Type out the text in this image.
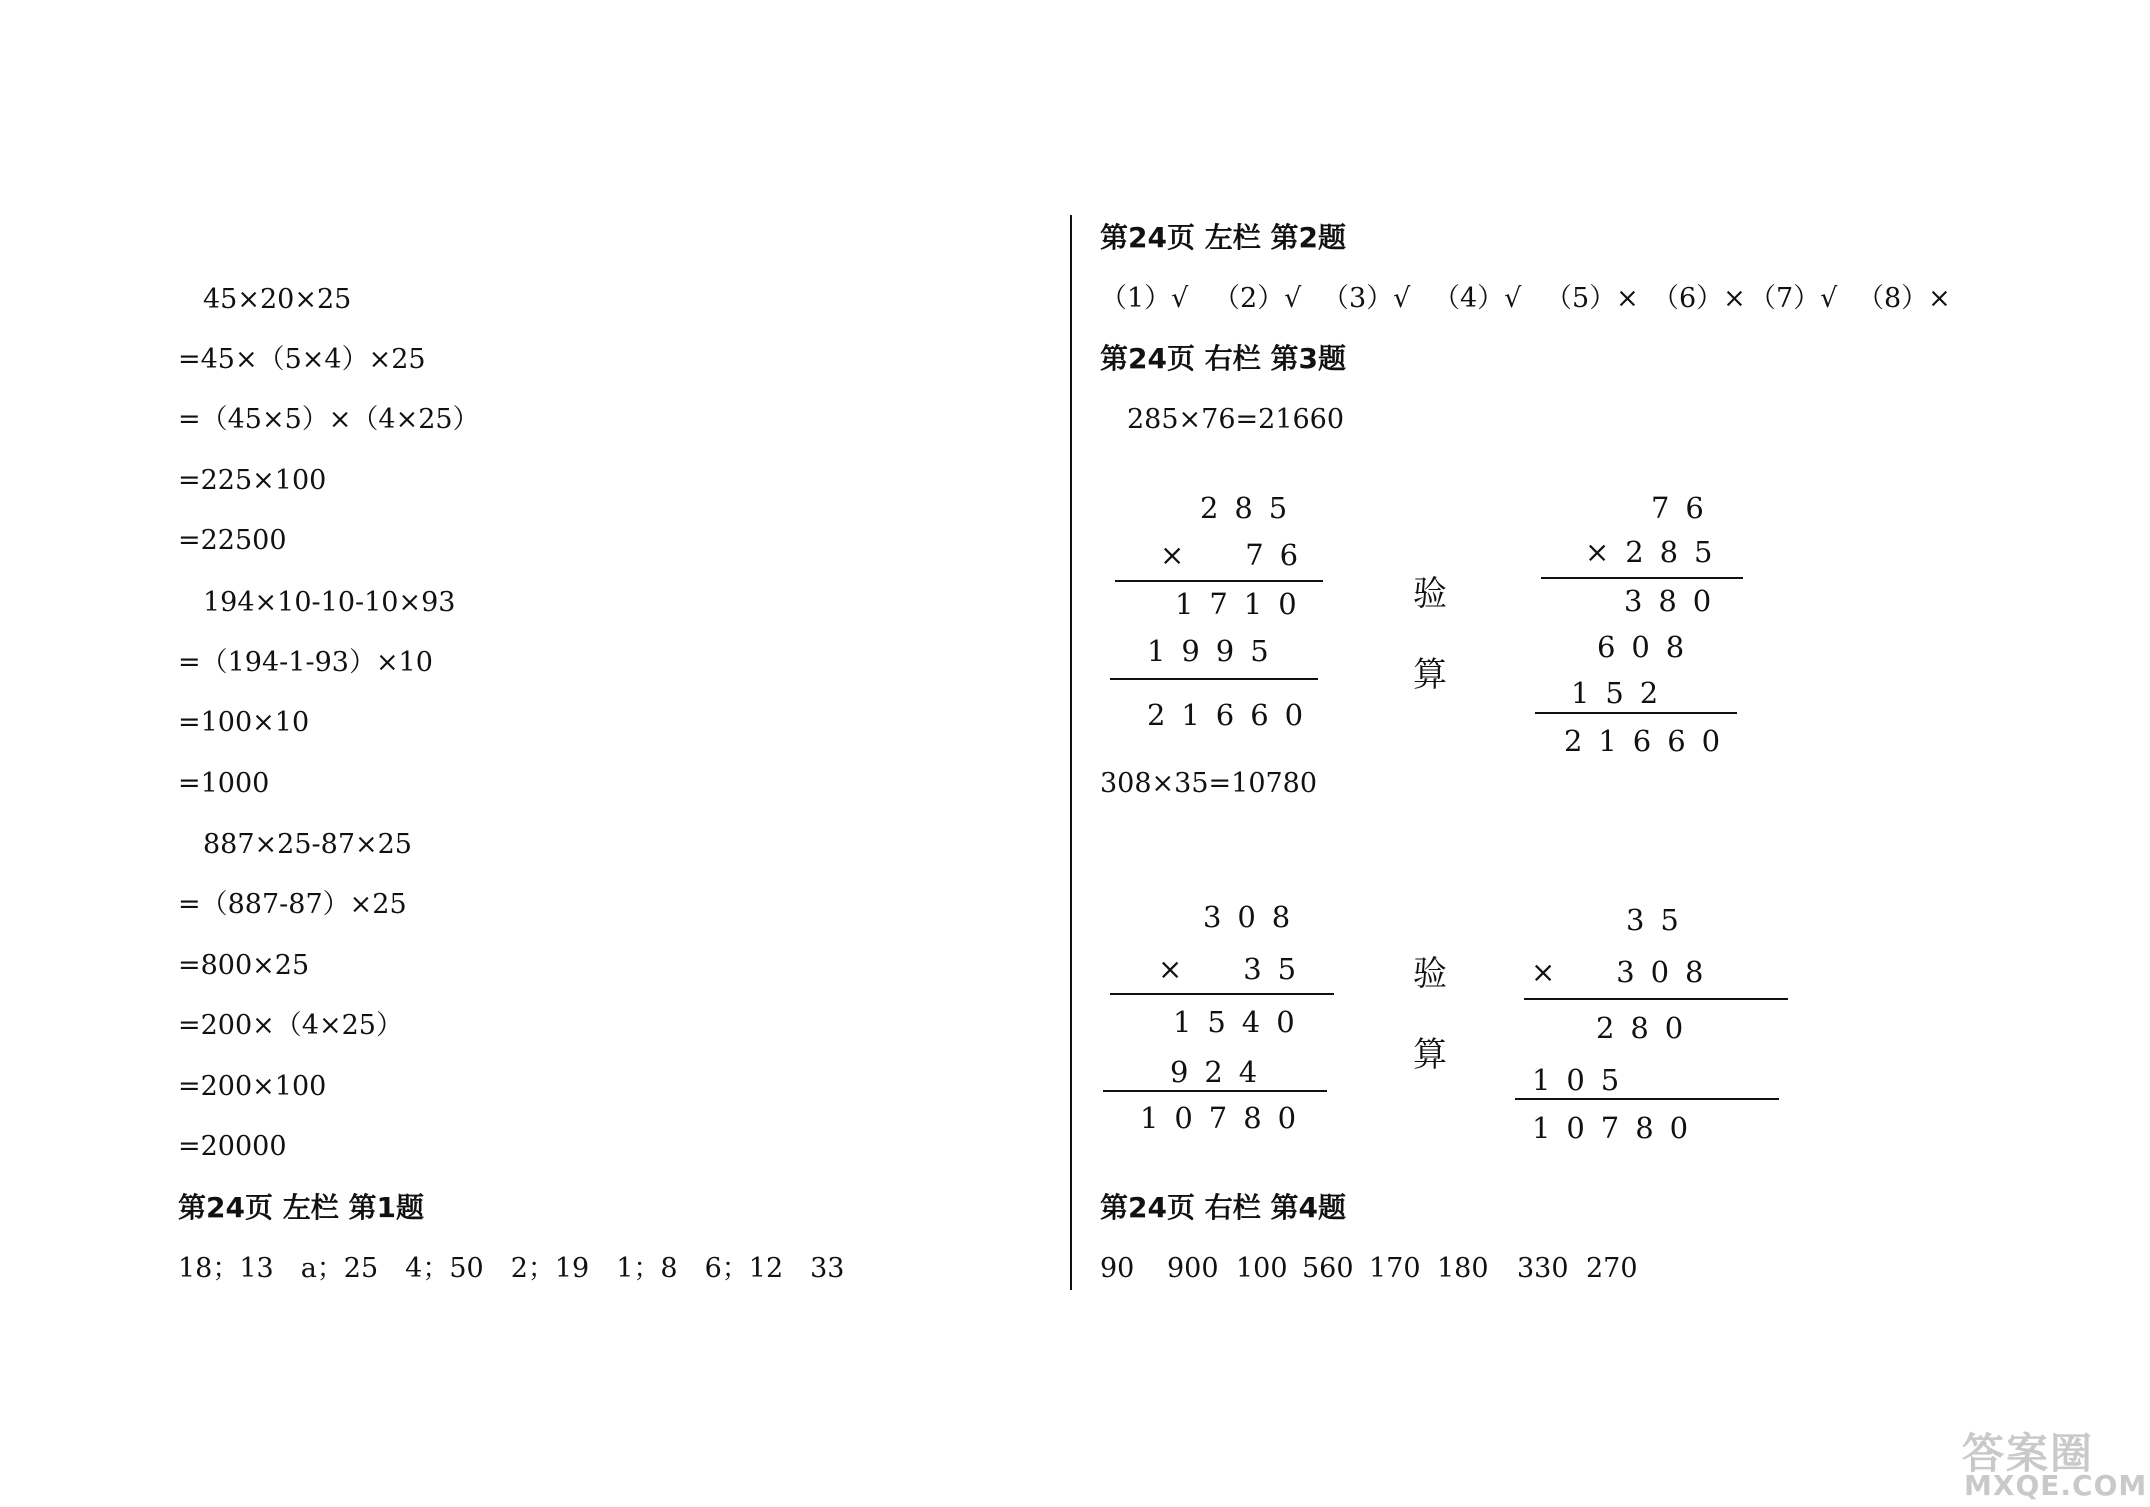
45×20×25
=45×（5×4）×25
=（45×5）×（4×25）
=225×100
=22500
194×10-10-10×93
=（194-1-93）×10
=100×10
=1000
887×25-87×25
=（887-87）×25
=800×25
=200×（4×25）
=200×100
=20000
第24页 左栏 第1题
18；13　a；25　4；50　2；19　1；8　6；12　33
第24页 左栏 第2题
（1）√ （2）√ （3）√ （4）√ （5）× （6）× （7）√ （8）×
第24页 右栏 第3题
285×76=21660
285
×　76
1710
1995
21660
验
算
76
×285
380
608
152
21660
308×35=10780
308
×　35
1540
924
10780
验
算
35
×　308
280
105
10780
第24页 右栏 第4题
90 900 100 560 170 180 330 270
答案圈
MXQE.COM
